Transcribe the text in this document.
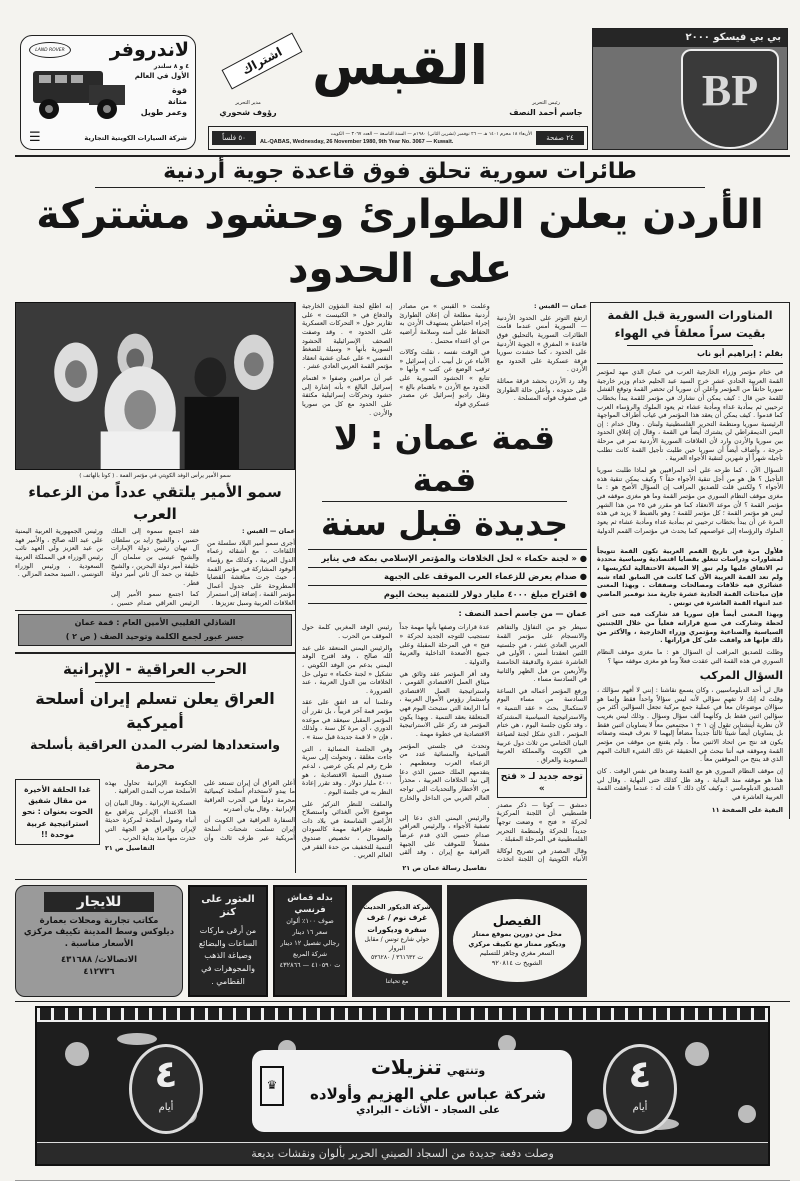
LAND ROVER	لاندروفر
٤ و ٨ سلندر
الأول في العالم
قوة
متانة
وعمر طويل
☰	شركة السيارات الكويتية التجارية
اشتراك القبس
مدير التحرير
رؤوف شحوري
رئيس التحرير
جاسم أحمد النصف
٥٠ فلساً	الأربعاء ١٨ محرم ١٤٠١ هـ — ٢٦ نوفمبر (تشرين الثاني) ١٩٨٠م — السنة التاسعة — العدد ٣٠٦٧ — الكويت
AL-QABAS, Wednesday, 26 November 1980, 9th Year No. 3067 — Kuwait.	٢٤ صفحة
بي بي فيسكو ٢٠٠٠
BP
طائرات سورية تحلق فوق قاعدة جوية أردنية
الأردن يعلن الطوارئ وحشود مشتركة على الحدود
سمو الأمير يرأس الوفد الكويتي في مؤتمر القمة . ( كونا بالهاتف )
سمو الأمير يلتقي عدداً من الزعماء العرب

عمان — القبس :

أجرى سمو أمير البلاد سلسلة من اللقاءات ، مع أشقائه زعماء الدول العربية ، وكذلك مع رؤساء الوفود المشاركة في مؤتمر القمة ، حيث جرت مناقشة القضايا المطروحة على جدول أعمال مؤتمر القمة ، إضافة إلى استمرار العلاقات العربية وسبل تعزيزها .

فقد اجتمع سموه إلى الملك حسين ، والشيخ زايد بن سلطان آل نهيان رئيس دولة الإمارات والشيخ عيسى بن سلمان آل خليفة أمير دولة البحرين ، والشيخ خليفة بن حمد آل ثاني أمير دولة قطر .

كما اجتمع سمو الأمير إلى الرئيس العراقي صدام حسين ، ورئيس الجمهورية العربية اليمنية علي عبد الله صالح ، والأمير فهد بن عبد العزيز ولي العهد نائب رئيس الوزراء في المملكة العربية السعودية ، ورئيس الوزراء التونسي ، السيد محمد المزالي .

الشاذلي القليبي الأمين العام : قمة عمان
جسر عبور لجمع الكلمة وتوحيد الصف ( ص ٢ )
الحرب العراقية - الإيرانية
العراق يعلن تسلم إيران أسلحة أميركية
واستعدادها لضرب المدن العراقية بأسلحة محرمة
غدا الحلقة الأخيرة من مقال شفيق الحوت بعنوان : نحو استراتيجية عربية موحدة !!

أعلن العراق أن إيران تستعد على ما يبدو لاستخدام أسلحة كيميائية محرمة دولياً في الحرب العراقية الإيرانية . وقال بيان أصدرته

السفارة العراقية في الكويت أن إيران تسلمت شحنات أسلحة أمريكية عبر طرف ثالث وأن الحكومة الإيرانية تحاول بهذه الأسلحة ضرب المدن العراقية .

العسكرية الإيرانية . وقال البيان إن هذا الاعتداء الإيراني يترافق مع أنباء وصول أسلحة لمركزة حديثة لإيران والعراق هو الجهة التي حذرت منها منذ بداية الحرب .

التفاصيل ص ٢١

عمان — القبس :

ارتفع التوتر على الحدود الأردنية — السورية أمس عندما قامت الطائرات السورية بالتحليق فوق قاعدة « المفرق » الجوية الأردنية على الحدود ، كما حشدت سوريا فرقة عسكرية على الحدود مع الأردن .

وقد رد الأردن بحشد فرقة مماثلة على حدوده ، وأعلن حالة الطوارئ في صفوف قواته المسلحة .

وعلمت « القبس » من مصادر أردنية مطلعة أن إعلان الطوارئ إجراء احتياطي يستهدف الأردن به الحفاظ على أمنه وسلامة أراضيه من أي اعتداء محتمل .

في الوقت نفسه ، نقلت وكالات الأنباء عن تل أبيب ، أن إسرائيل « ترقب الوضع عن كثب » وأنها « تتابع » الحشود السورية على الحدود مع الأردن « باهتمام بالغ » ونقل راديو إسرائيل عن مصدر عسكري قوله

إنه اطلع لجنة الشؤون الخارجية والدفاع في « الكنيست » على تقارير حول « التحركات العسكرية على الحدود » . وقد وصفت الصحف الإسرائيلية الحشود السورية بأنها « وسيلة للضغط النفسي » على عمان عشية انعقاد مؤتمر القمة العربي العادي عشر .

غير أن مراقبين وصفوا « اهتمام إسرائيل البالغ » بأنه إشارة إلى حشود وتحركات إسرائيلية مكثفة على الحدود مع كل من سوريا والأردن .

قمة عمان : لا قمة
جديدة قبل سنة
● « لجنة حكماء » لحل الخلافات والمؤتمر الإسلامي بمكة في يناير
● صدام يعرض للزعماء العرب الموقف على الجبهة
● اقتراح مبلغ ٤٠٠٠ مليار دولار للتنمية يبحث اليوم
عمان — من جاسم أحمد النصف :

سيطر جو من التفاؤل والتفاهم والانسجام على مؤتمر القمة العربي العادي عشر ، في جلستيه اللتين انعقدتا أمس ، الأولى في العاشرة عشرة والدقيقة الخامسة والأربعين من قبل الظهر والثانية في السادسة مساء .

ورفع المؤتمر أعماله في الساعة السادسة من مساء اليوم لاستكمال بحث « عقد التنمية » والاستراتيجية السياسية المشتركة ، وقد تكون جلسة اليوم ، هي ختام المؤتمر ، الذي شكل لجنة لصياغة البيان الختامي من ثلاث دول عربية هي الكويت والمملكة العربية السعودية والعراق .

توجه جديد لـ « فتح »

دمشق — كونا — ذكر مصدر فلسطيني أن اللجنة المركزية لحركة « فتح » وضعت توجهاً جديداً للحركة ولمنظمة التحرير الفلسطينية في المرحلة المقبلة .

وقال المصدر في تصريح لوكالة الأنباء الكويتية إن اللجنة اتخذت عدة قرارات وصفها بأنها مهمة جداً تستجيب للتوجه الجديد لحركة « فتح » في المرحلة المقبلة وعلى جميع الأصعدة الداخلية والعربية والدولية .

وقد أقر المؤتمر عقد وثائق هي ميثاق العمل الاقتصادي القومي ، واستراتيجية العمل الاقتصادي واستثمار رؤوس الأموال العربية ، أما الرابعة التي ستبحث اليوم فهي المتعلقة بعقد التنمية . وبهذا يكون المؤتمر قد ركز على الاستراتيجية الاقتصادية في خطوة مهمة .

وتحدث في جلستي المؤتمر الصباحية والمسائية عدد من الزعماء العرب ومعظمهم ، يتقدمهم الملك حسين الذي دعا إلى نبذ الخلافات العربية ، محذراً من الأخطار والتحديات التي تواجه العالم العربي من الداخل والخارج .

والرئيس اليمني الذي دعا إلى تصفية الأجواء ، والرئيس العراقي صدام حسين الذي قدم عرضاً مفصلاً للموقف على الجبهة العراقية مع إيران ، وقد ألقى رئيس الوفد المغربي كلمة حول الموقف من الحرب .

والرئيس اليمني المنعقد على عبد الله صالح ، وقد اقترح الوفد اليمني بدعم من الوفد الكويتي ، تشكيل « لجنة حكماء » تتولى حل الخلافات بين الدول العربية ، عند الضرورة .

وعلمنا أنه قد اتفق على عقد مؤتمر قمة آخر قريباً ، بل تقرر أن المؤتمر المقبل سيعقد في موعده الدوري ، أي مرة كل سنة . ولذلك ، فإن « لا قمة جديدة قبل سنة » .

وفي الجلسة المسائية ، التي جاءت مغلقة ، وتحولت إلى سرية طرح رقم لم يكن عرضي ، لدعم صندوق التنمية الاقتصادية ، هو ٤٠٠٠ مليار دولار . وقد تقرر إعادة النظر به في جلسة اليوم .

والملفت للنظر التركيز على موضوع الأمن الغذائي واستصلاح الأراضي الشاسعة في بلاد ذات طبيعة جغرافية مهمة كالسودان والصومال ، تخصيص صندوق التنمية للتخفيف من حدة الفقر في العالم العربي .

تفاصيل رسالة عمان ص ٢١
للايجار
مكاتب تجارية ومحلات بعمارة ديلوكس وسط المدينة تكييف مركزي الأسعار مناسبة .
الاتصالات/ ٤٣١٦٨٨
٤١٢٧٣٦
العثور على كنز
من أرقى ماركات الساعات والبضائع وصياغة الذهب والمجوهرات في القطامي .
بدله قماش فرنسي
صوف ١٠٠٪ ألوان
سعر ١٦ دينار
رجالي تفصيل ١٢ دينار
شركة المربع
ت ٤١٠٥٩٠ — ٤٣٢٨٦٦
شركة الديكور الحديث
غرف نوم / غرف سفرة وديكورات
حولي شارع تونس / مقابل البروار
ت ٣٦١٦٣٢ / ٥٣٦٢٨٠
مع تحياتنا
الفيصل
محل من دورين بموقع ممتاز وديكور ممتاز مع تكييف مركزي
السعر مغري وجاهز للتسليم
الشويخ ت ٩٢٠٨١٤
المناورات السورية قبل القمة
بقيت سراً معلقاً في الهواء
بقلم : إبراهيم أبو ناب

في ختام مؤتمر وزراء الخارجية العرب في عمان الذي مهد لمؤتمر القمة العربية الحادي عشر خرج السيد عبد الحليم خدام وزير خارجية سوريا حانقاً من المؤتمر وأعلن أن سوريا لن تحضر القمة وتوقع الفشل للقمة حين قال : كيف يمكن أن نشارك في مؤتمر للقمة يبدأ بخطاب ترحيبي ثم بمأدبة غداء ومأدبة عشاء ثم يعود الملوك والرؤساء العرب كما قدموا . كيف يمكن أن يعقد هذا المؤتمر في غياب أطراف المواجهة الرئيسية سوريا ومنظمة التحرير الفلسطينية ولبنان . وقال خدام : إن اليمن الديمقراطي لن يشترك أيضاً في القمة ، وقال إن إغلاق الحدود بين سوريا والأردن وارد لأن العلاقات السورية الأردنية تمر في مرحلة حرجة ، وأضاف أيضاً أن سوريا حين طلبت تأجيل القمة كانت تطلب تأجيله شهراً أو شهرين لتنقية الأجواء العربية .

السؤال الآن ، كما طرحه علي أحد المراقبين هو لماذا طلبت سوريا التأجيل ؟ هل هو من أجل تنقية الأجواء حقاً ؟ وكيف يمكن تنقية هذه الأجواء ؟ ولكنني قلت للصديق المراقب إن السؤال الأصح هو : ما مغزى موقف النظام السوري من مؤتمر القمة وما هو مغزى موقفه في مؤتمر القمة ؟ لأن موعد الانعقاد كما هو مقرر في ٢٥ من هذا الشهر ليس هو مؤتمر القمة ؛ كل مؤتمر للقمة ؛ وهو بالضبط لا يزيد في هذه المرة عن أن يبدأ بخطاب ترحيبي ثم بمأدبة غداء ومأدبة عشاء ثم يعود الملوك والرؤساء إلى عواصمهم كما يحدث في مؤتمرات القمم الدولية .

فلأول مرة في تاريخ القمم العربية تكون القمة تتويجاً لمشاورات ودراسات تتعلق بقضايا اقتصادية وسياسية محددة تم الاتفاق عليها ولم تبق إلا الصيغة الاحتفالية لتكريسها ، ولم تعد القمة العربية الآن كما كانت في السابق لقاء شبه عشائري فيه خلافات ومصالحات وصفقات . وبهذا المعنى فإن مباحثات القمة الحادية عشرة جارية منذ نوفمبر الماضي عند انتهاء القمة العاشرة في تونس .

وبهذا المعنى أيضاً فإن سوريا قد شاركت فيه حتى آخر لحظة وشاركت في صنع قراراته فعلياً من خلال اللجنتين السياسية والصناعية ومؤتمري وزراء الخارجية ، والأكثر من ذلك فإنها قد وافقت على كل قراراتها .

وظلت للصديق المراقب أن السؤال هو : ما مغزى موقف النظام السوري في هذه القمة التي عقدت فعلاً وما هو مغزى موقفه منها ؟

السؤال المركب

قال لي أحد الدبلوماسيين ، وكان يسمع نقاشنا : إنني لا أفهم سؤالك ، وقلت له إنك لا تفهم سؤالي لأنه ليس سؤالاً واحداً فقط وإنما هو سؤالان موضوعان معاً في عملية جمع مركبة تجعل السؤالين أكثر من سؤالين اثنين فقط بل وكأنهما ألف سؤال وسؤال . وذلك ليس بغريب لأن نظرية أينشتاين تقول إن ١ + ١ مجتمعين معاً لا يساويان اثنين فقط بل يساويان أيضاً شيئاً ثالثاً جديداً مضافاً إليهما لا نعرف قيمته وصفاته يكون قد نتج من اتحاد الاثنين معاً . ولم يقتنع من موقف من مؤتمر القمة وموقفه فيه أننا نبحث في الحقيقة عن ذلك الشيء الثالث المهم الذي قد ينتج من الموقفين معاً .

إن موقف النظام السوري هو مع القمة وضدها في نفس الوقت . كان هذا هو موقفه منذ البداية ، وقد ظل كذلك حتى النهاية . وقال لي الصديق الدبلوماسي : وكيف كان ذلك ؟ قلت له : عندما وافقت القمة العربية العاشرة في

البقية على الصفحة ١١
٤
أيام
٤
أيام
♛
وتنتهي تنزيلات
شركة عباس علي الهزيم وأولاده
على السجاد - الأثاث - البرادي
وصلت دفعة جديدة من السجاد الصيني الحرير بألوان ونقشات بديعة
